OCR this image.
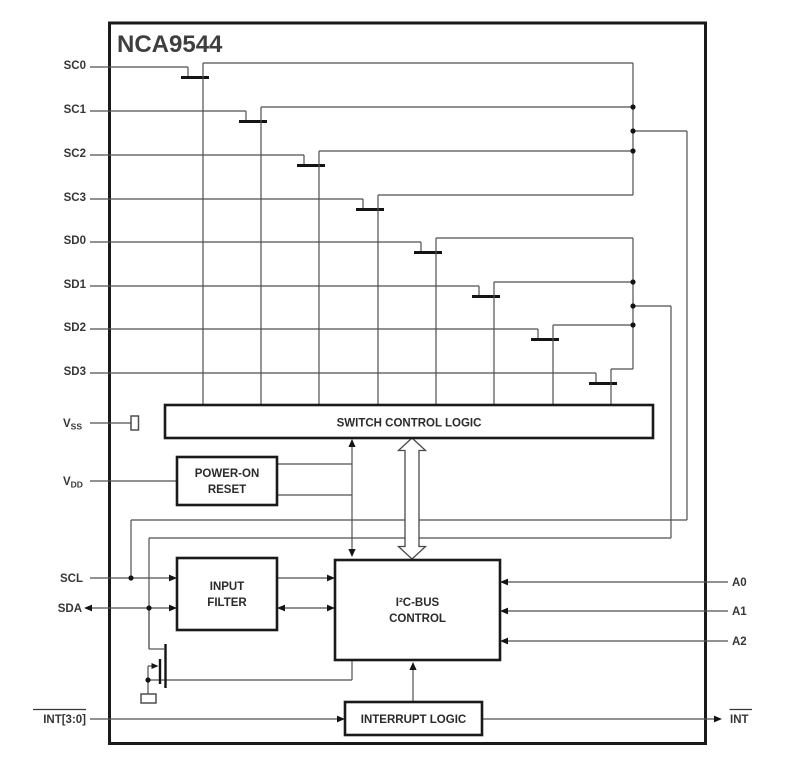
NCA9544
SC0
SC1
SC2
SC3
SD0
SD1
SD2
SD3
SWITCH CONTROL LOGIC
POWER-ON
RESET
INPUT
FILTER	I²C-BUS
CONTROL
INTERRUPT LOGIC
$V_{SS}$
$V_{DD}$
SCL
SDA
INT[3:0]
A0
A1
A2
INT
